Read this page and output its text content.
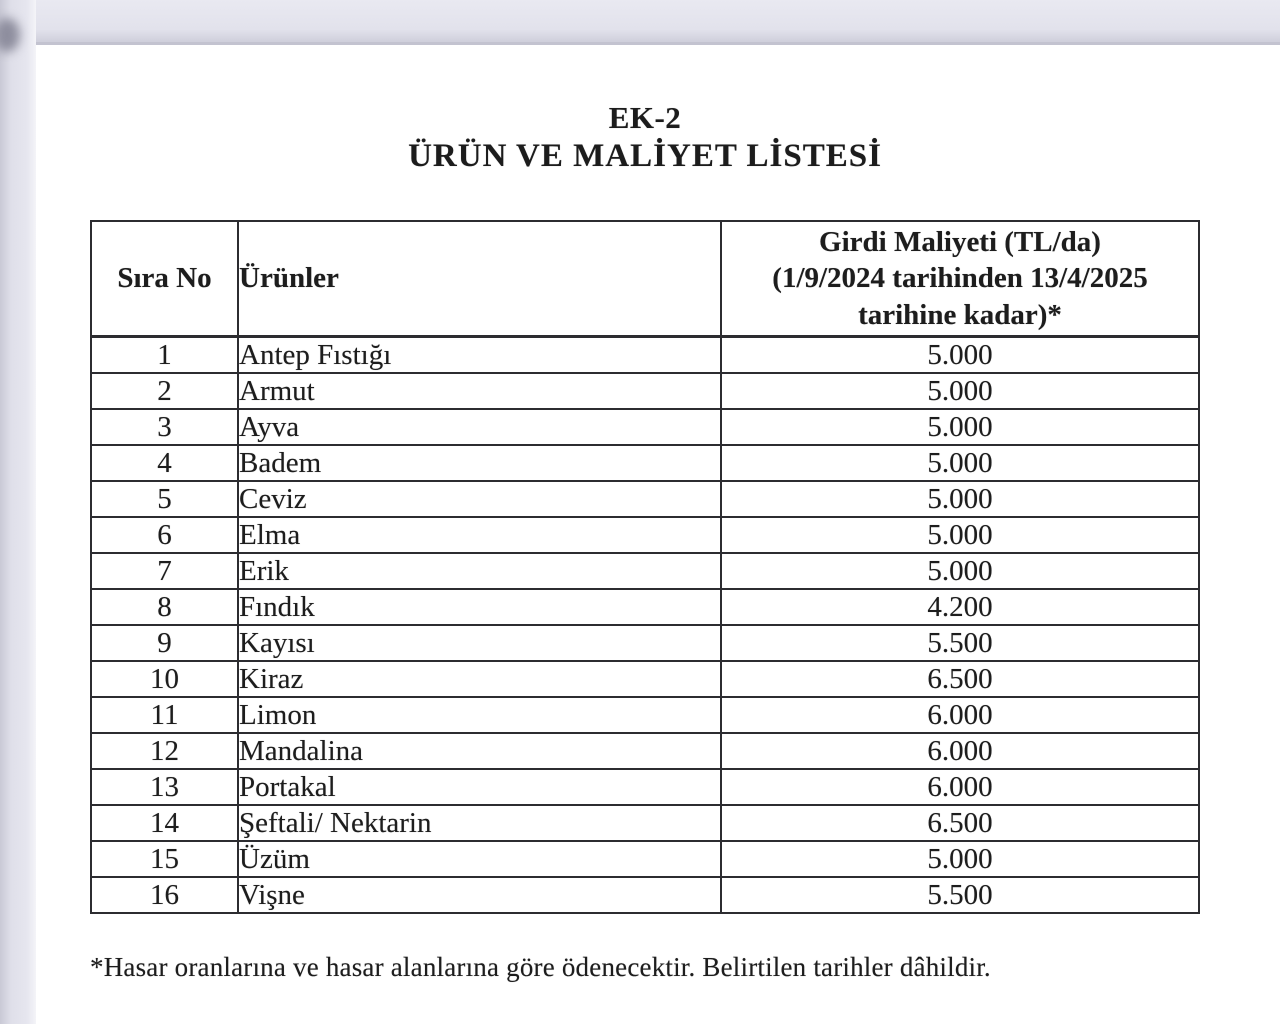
EK-2
ÜRÜN VE MALİYET LİSTESİ
Sıra No	Ürünler	Girdi Maliyeti (TL/da)
(1/9/2024 tarihinden 13/4/2025
tarihine kadar)*

1	Antep Fıstığı	5.000
2	Armut	5.000
3	Ayva	5.000
4	Badem	5.000
5	Ceviz	5.000
6	Elma	5.000
7	Erik	5.000
8	Fındık	4.200
9	Kayısı	5.500
10	Kiraz	6.500
11	Limon	6.000
12	Mandalina	6.000
13	Portakal	6.000
14	Şeftali/ Nektarin	6.500
15	Üzüm	5.000
16	Vişne	5.500
*Hasar oranlarına ve hasar alanlarına göre ödenecektir. Belirtilen tarihler dâhildir.
